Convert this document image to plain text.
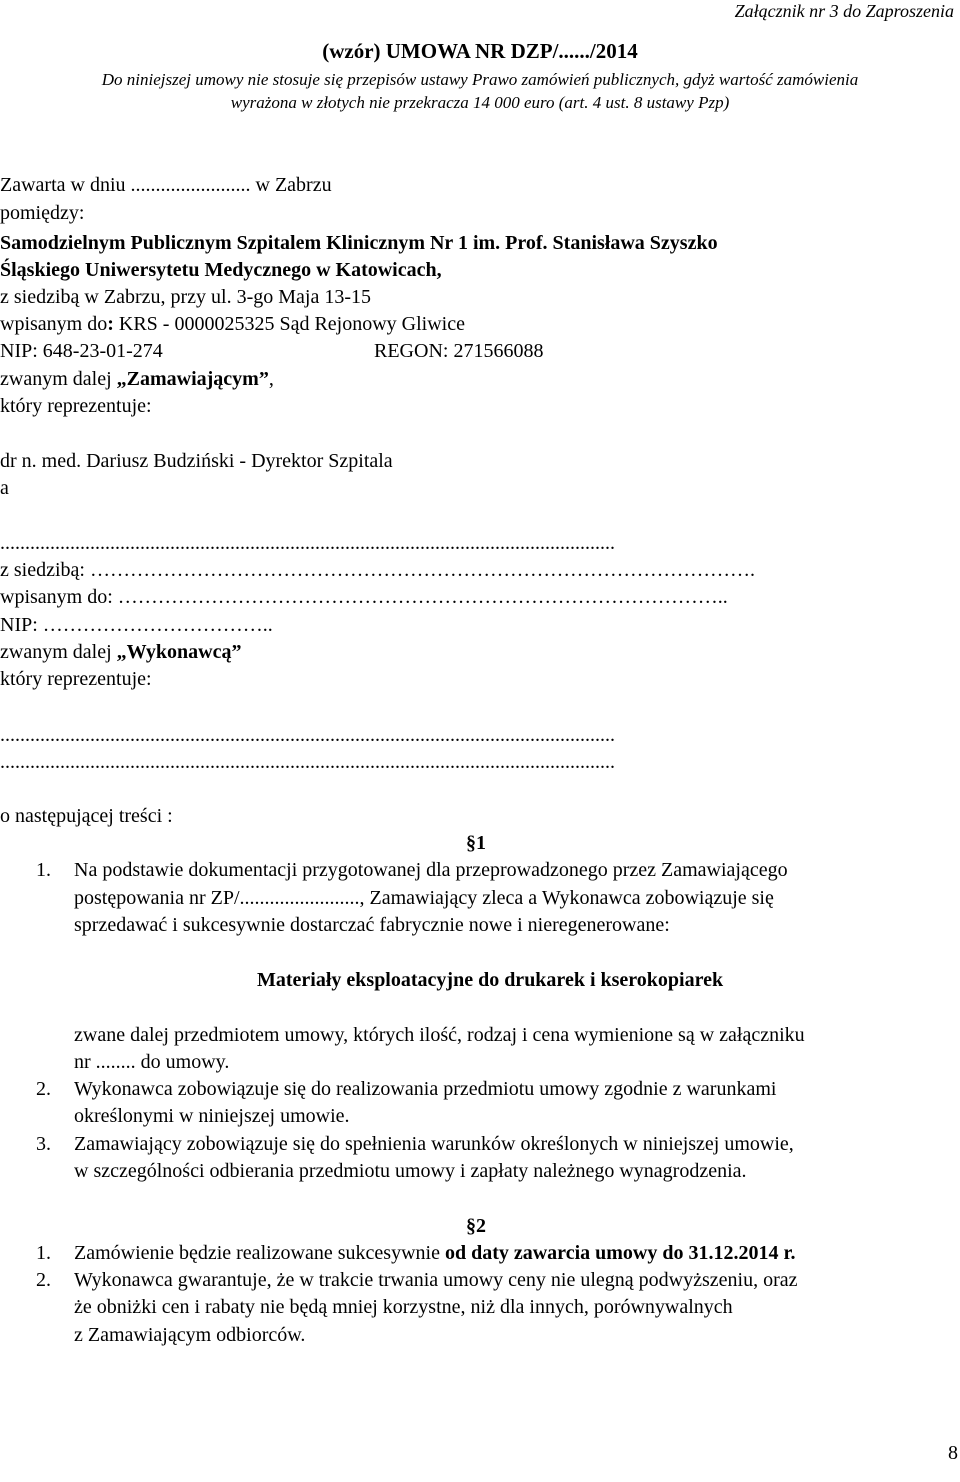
Załącznik nr 3 do Zaproszenia
(wzór) UMOWA NR DZP/....../2014
Do niniejszej umowy nie stosuje się przepisów ustawy Prawo zamówień publicznych, gdyż wartość zamówienia
wyrażona w złotych nie przekracza 14 000 euro (art. 4 ust. 8 ustawy Pzp)
Zawarta w dniu ........................ w Zabrzu
pomiędzy:
Samodzielnym Publicznym Szpitalem Klinicznym Nr 1 im. Prof. Stanisława Szyszko
Śląskiego Uniwersytetu Medycznego w Katowicach,
z siedzibą w Zabrzu, przy ul. 3-go Maja 13-15
wpisanym do: KRS - 0000025325 Sąd Rejonowy Gliwice
NIP: 648-23-01-274	REGON: 271566088
zwanym dalej „Zamawiającym”,
który reprezentuje:
dr n. med. Dariusz Budziński - Dyrektor Szpitala
a
...........................................................................................................................
z siedzibą: ……………………………………………………………………………………….
wpisanym do: ………………………………………………………………………………..
NIP: ……………………………..
zwanym dalej „Wykonawcą”
który reprezentuje:
...........................................................................................................................
...........................................................................................................................
o następującej treści :
§1
1. Na podstawie dokumentacji przygotowanej dla przeprowadzonego przez Zamawiającego
postępowania nr ZP/........................, Zamawiający zleca a Wykonawca zobowiązuje się
sprzedawać i sukcesywnie dostarczać fabrycznie nowe i nieregenerowane:
Materiały eksploatacyjne do drukarek i kserokopiarek
zwane dalej przedmiotem umowy, których ilość, rodzaj i cena wymienione są w załączniku
nr ........ do umowy.
2. Wykonawca zobowiązuje się do realizowania przedmiotu umowy zgodnie z warunkami
określonymi w niniejszej umowie.
3. Zamawiający zobowiązuje się do spełnienia warunków określonych w niniejszej umowie,
w szczególności odbierania przedmiotu umowy i zapłaty należnego wynagrodzenia.
§2
1. Zamówienie będzie realizowane sukcesywnie od daty zawarcia umowy do 31.12.2014 r.
2. Wykonawca gwarantuje, że w trakcie trwania umowy ceny nie ulegną podwyższeniu, oraz
że obniżki cen i rabaty nie będą mniej korzystne, niż dla innych, porównywalnych
z Zamawiającym odbiorców.
8
